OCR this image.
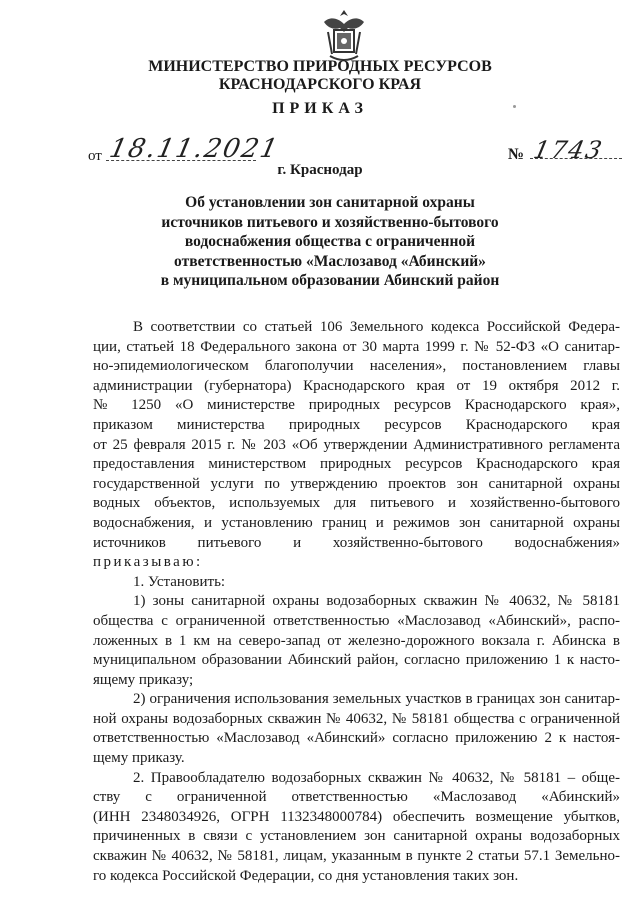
МИНИСТЕРСТВО ПРИРОДНЫХ РЕСУРСОВ
КРАСНОДАРСКОГО КРАЯ
ПРИКАЗ
от 18.11.2021	№ 1743
г. Краснодар
Об установлении зон санитарной охраны
источников питьевого и хозяйственно-бытового
водоснабжения общества с ограниченной
ответственностью «Маслозавод «Абинский»
в муниципальном образовании Абинский район
В соответствии со статьей 106 Земельного кодекса Российской Федера-
ции, статьей 18 Федерального закона от 30 марта 1999 г. № 52-ФЗ «О санитар-
но-эпидемиологическом благополучии населения», постановлением главы
администрации (губернатора) Краснодарского края от 19 октября 2012 г.
№ 1250 «О министерстве природных ресурсов Краснодарского края»,
приказом министерства природных ресурсов Краснодарского края
от 25 февраля 2015 г. № 203 «Об утверждении Административного регламента
предоставления министерством природных ресурсов Краснодарского края
государственной услуги по утверждению проектов зон санитарной охраны
водных объектов, используемых для питьевого и хозяйственно-бытового
водоснабжения, и установлению границ и режимов зон санитарной охраны
источников питьевого и хозяйственно-бытового водоснабжения»
приказываю:
1. Установить:
1) зоны санитарной охраны водозаборных скважин № 40632, № 58181
общества с ограниченной ответственностью «Маслозавод «Абинский», распо-
ложенных в 1 км на северо-запад от железно-дорожного вокзала г. Абинска в
муниципальном образовании Абинский район, согласно приложению 1 к насто-
ящему приказу;
2) ограничения использования земельных участков в границах зон санитар-
ной охраны водозаборных скважин № 40632, № 58181 общества с ограниченной
ответственностью «Маслозавод «Абинский» согласно приложению 2 к настоя-
щему приказу.
2. Правообладателю водозаборных скважин № 40632, № 58181 – обще-
ству с ограниченной ответственностью «Маслозавод «Абинский»
(ИНН 2348034926, ОГРН 1132348000784) обеспечить возмещение убытков,
причиненных в связи с установлением зон санитарной охраны водозаборных
скважин № 40632, № 58181, лицам, указанным в пункте 2 статьи 57.1 Земельно-
го кодекса Российской Федерации, со дня установления таких зон.
